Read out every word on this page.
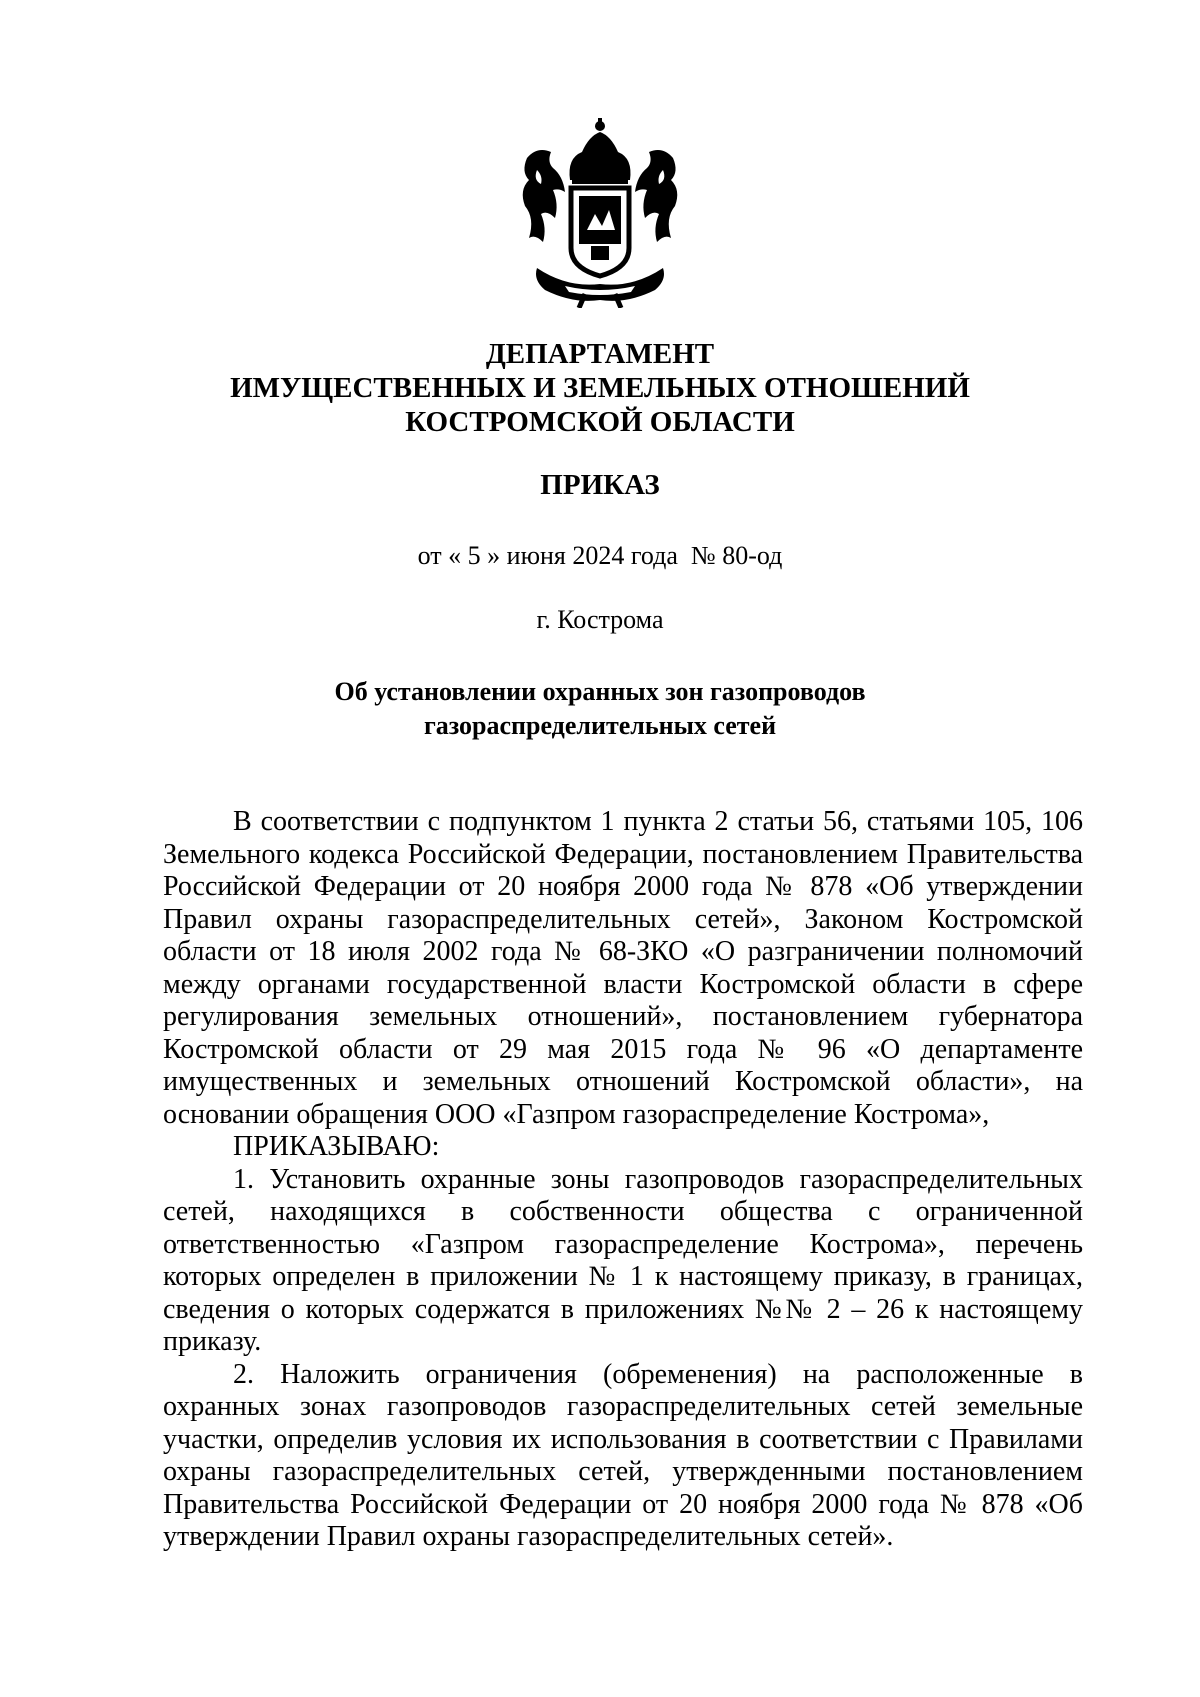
ДЕПАРТАМЕНТ
ИМУЩЕСТВЕННЫХ И ЗЕМЕЛЬНЫХ ОТНОШЕНИЙ
КОСТРОМСКОЙ ОБЛАСТИ
ПРИКАЗ
от « 5 » июня 2024 года  № 80-од
г. Кострома
Об установлении охранных зон газопроводов
газораспределительных сетей

В соответствии с подпунктом 1 пункта 2 статьи 56, статьями 105, 106 Земельного кодекса Российской Федерации, постановлением Правительства Российской Федерации от 20 ноября 2000 года № 878 «Об утверждении Правил охраны газораспределительных сетей», Законом Костромской области от 18 июля 2002 года № 68-ЗКО «О разграничении полномочий между органами государственной власти Костромской области в сфере регулирования земельных отношений», постановлением губернатора Костромской области от 29 мая 2015 года № 96 «О департаменте имущественных и земельных отношений Костромской области», на основании обращения ООО «Газпром газораспределение Кострома»,

ПРИКАЗЫВАЮ:

1. Установить охранные зоны газопроводов газораспределительных сетей, находящихся в собственности общества с ограниченной ответственностью «Газпром газораспределение Кострома», перечень которых определен в приложении № 1 к настоящему приказу, в границах, сведения о которых содержатся в приложениях №№ 2 – 26 к настоящему приказу.

2. Наложить ограничения (обременения) на расположенные в охранных зонах газопроводов газораспределительных сетей земельные участки, определив условия их использования в соответствии с Правилами охраны газораспределительных сетей, утвержденными постановлением Правительства Российской Федерации от 20 ноября 2000 года № 878 «Об утверждении Правил охраны газораспределительных сетей».
